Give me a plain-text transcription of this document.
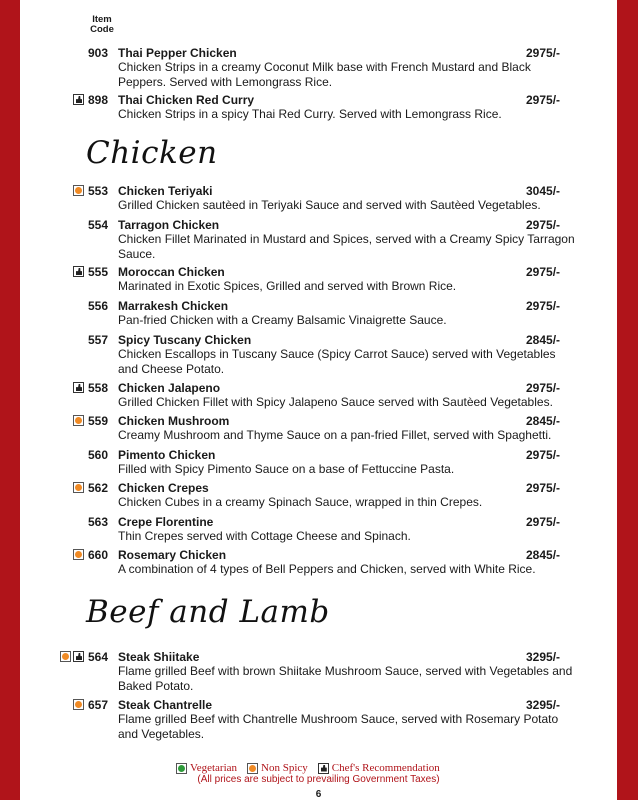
Item
Code
903 Thai Pepper Chicken	2975/-
Chicken Strips in a creamy Coconut Milk base with French Mustard and Black Peppers. Served with Lemongrass Rice.
898 Thai Chicken Red Curry	2975/-
Chicken Strips in a spicy Thai Red Curry. Served with Lemongrass Rice.
Chicken
553 Chicken Teriyaki	3045/-
Grilled Chicken sautèed in Teriyaki Sauce and served with Sautèed Vegetables.
554 Tarragon Chicken	2975/-
Chicken Fillet Marinated in Mustard and Spices, served with a Creamy Spicy Tarragon Sauce.
555 Moroccan Chicken	2975/-
Marinated in Exotic Spices, Grilled and served with Brown Rice.
556 Marrakesh Chicken	2975/-
Pan-fried Chicken with a Creamy Balsamic Vinaigrette Sauce.
557 Spicy Tuscany Chicken	2845/-
Chicken Escallops in Tuscany Sauce (Spicy Carrot Sauce) served with Vegetables and Cheese Potato.
558 Chicken Jalapeno	2975/-
Grilled Chicken Fillet with Spicy Jalapeno Sauce served with Sautèed Vegetables.
559 Chicken Mushroom	2845/-
Creamy Mushroom and Thyme Sauce on a pan-fried Fillet, served with Spaghetti.
560 Pimento Chicken	2975/-
Filled with Spicy Pimento Sauce on a base of Fettuccine Pasta.
562 Chicken Crepes	2975/-
Chicken Cubes in a creamy Spinach Sauce, wrapped in thin Crepes.
563 Crepe Florentine	2975/-
Thin Crepes served with Cottage Cheese and Spinach.
660 Rosemary Chicken	2845/-
A combination of 4 types of Bell Peppers and Chicken, served with White Rice.
Beef and Lamb
564 Steak Shiitake	3295/-
Flame grilled Beef with brown Shiitake Mushroom Sauce, served with Vegetables and Baked Potato.
657 Steak Chantrelle	3295/-
Flame grilled Beef with Chantrelle Mushroom Sauce, served with Rosemary Potato and Vegetables.
Vegetarian Non Spicy Chef's Recommendation
(All prices are subject to prevailing Government Taxes)
6
